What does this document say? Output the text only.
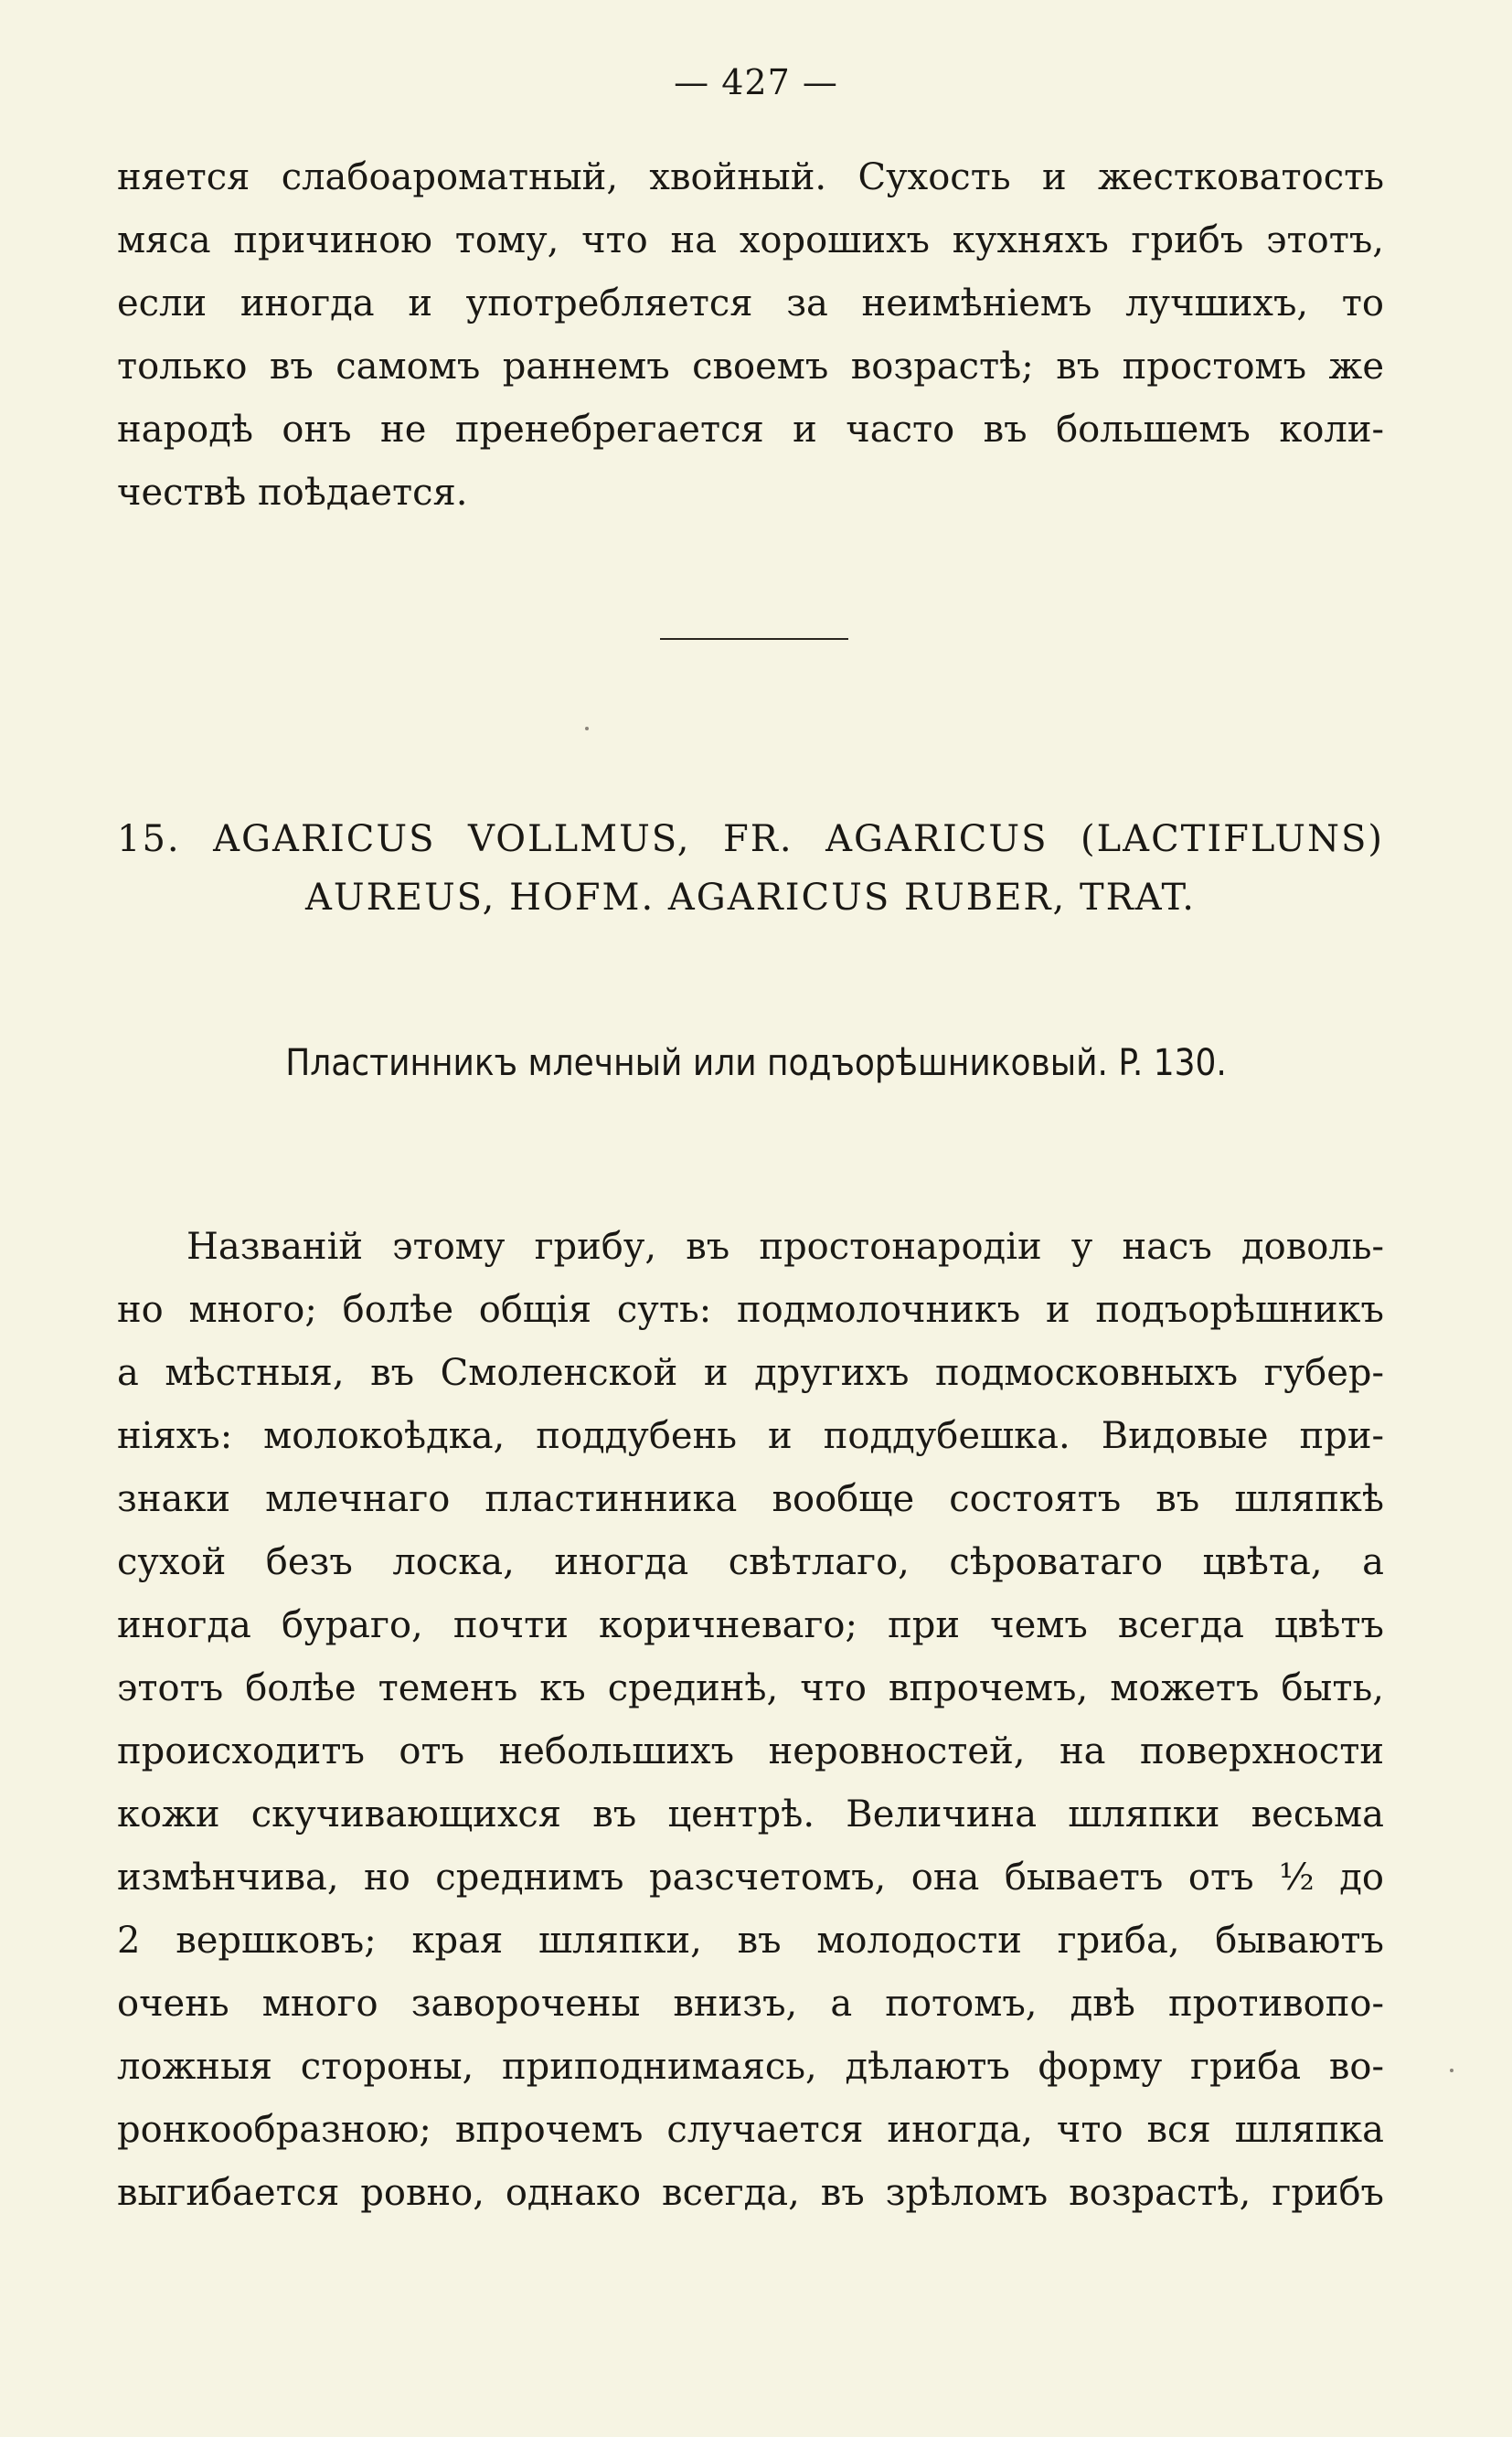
— 427 —
няется слабоароматный, хвойный. Сухость и жестковатость
мяса причиною тому, что на хорошихъ кухняхъ грибъ этотъ,
если иногда и употребляется за неимѣніемъ лучшихъ, то
только въ самомъ раннемъ своемъ возрастѣ; въ простомъ же
народѣ онъ не пренебрегается и часто въ большемъ коли-
чествѣ поѣдается.
15. AGARICUS VOLLMUS, FR. AGARICUS (LACTIFLUNS)
AUREUS, HOFM. AGARICUS RUBER, TRAT.
Пластинникъ млечный или подъорѣшниковый. P. 130.
Названій этому грибу, въ простонародіи у насъ доволь-
но много; болѣе общія суть: подмолочникъ и подъорѣшникъ
а мѣстныя, въ Смоленской и другихъ подмосковныхъ губер-
ніяхъ: молокоѣдка, поддубень и поддубешка. Видовые при-
знаки млечнаго пластинника вообще состоятъ въ шляпкѣ
сухой безъ лоска, иногда свѣтлаго, сѣроватаго цвѣта, а
иногда бураго, почти коричневаго; при чемъ всегда цвѣтъ
этотъ болѣе теменъ къ срединѣ, что впрочемъ, можетъ быть,
происходитъ отъ небольшихъ неровностей, на поверхности
кожи скучивающихся въ центрѣ. Величина шляпки весьма
измѣнчива, но среднимъ разсчетомъ, она бываетъ отъ ½ до
2 вершковъ; края шляпки, въ молодости гриба, бываютъ
очень много заворочены внизъ, а потомъ, двѣ противопо-
ложныя стороны, приподнимаясь, дѣлаютъ форму гриба во-
ронкообразною; впрочемъ случается иногда, что вся шляпка
выгибается ровно, однако всегда, въ зрѣломъ возрастѣ, грибъ
